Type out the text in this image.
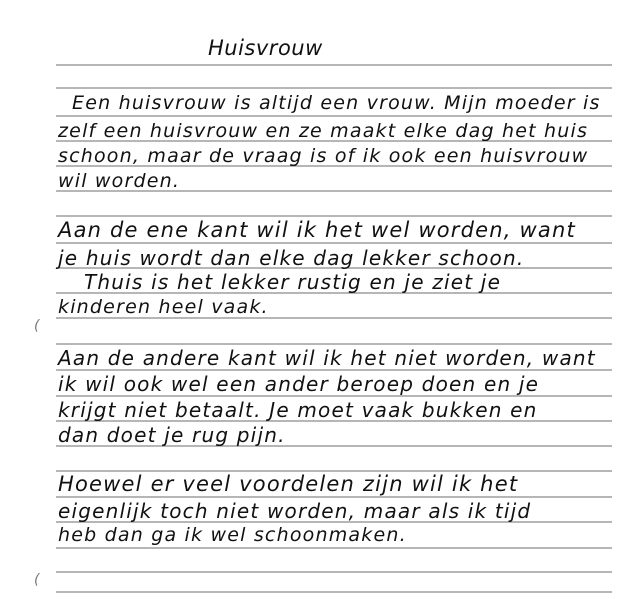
Huisvrouw
Een huisvrouw is altijd een vrouw. Mijn moeder is
zelf een huisvrouw en ze maakt elke dag het huis
schoon, maar de vraag is of ik ook een huisvrouw
wil worden.
Aan de ene kant wil ik het wel worden, want
je huis wordt dan elke dag lekker schoon.
Thuis is het lekker rustig en je ziet je
kinderen heel vaak.
Aan de andere kant wil ik het niet worden, want
ik wil ook wel een ander beroep doen en je
krijgt niet betaalt. Je moet vaak bukken en
dan doet je rug pijn.
Hoewel er veel voordelen zijn wil ik het
eigenlijk toch niet worden, maar als ik tijd
heb dan ga ik wel schoonmaken.
(
(
